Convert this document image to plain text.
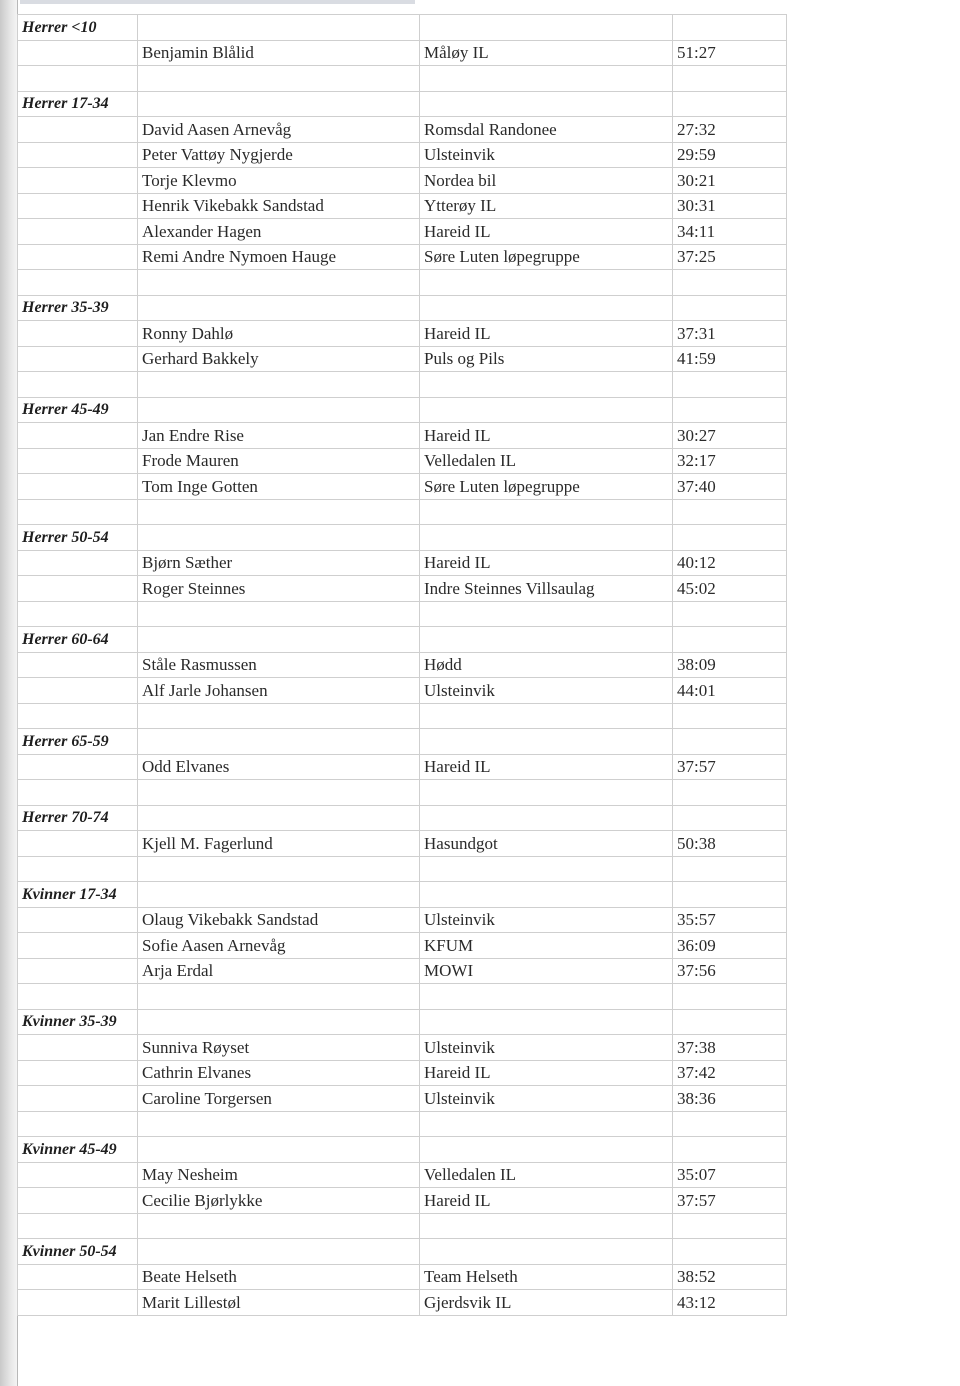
Herrer <10			
	Benjamin Blålid	Måløy IL	51:27

Herrer 17-34			
	David Aasen Arnevåg	Romsdal Randonee	27:32
	Peter Vattøy Nygjerde	Ulsteinvik	29:59
	Torje Klevmo	Nordea bil	30:21
	Henrik Vikebakk Sandstad	Ytterøy IL	30:31
	Alexander Hagen	Hareid IL	34:11
	Remi Andre Nymoen Hauge	Søre Luten løpegruppe	37:25

Herrer 35-39			
	Ronny Dahlø	Hareid IL	37:31
	Gerhard Bakkely	Puls og Pils	41:59

Herrer 45-49			
	Jan Endre Rise	Hareid IL	30:27
	Frode Mauren	Velledalen IL	32:17
	Tom Inge Gotten	Søre Luten løpegruppe	37:40

Herrer 50-54			
	Bjørn Sæther	Hareid IL	40:12
	Roger Steinnes	Indre Steinnes Villsaulag	45:02

Herrer 60-64			
	Ståle Rasmussen	Hødd	38:09
	Alf Jarle Johansen	Ulsteinvik	44:01

Herrer 65-59			
	Odd Elvanes	Hareid IL	37:57

Herrer 70-74			
	Kjell M. Fagerlund	Hasundgot	50:38

Kvinner 17-34			
	Olaug Vikebakk Sandstad	Ulsteinvik	35:57
	Sofie Aasen Arnevåg	KFUM	36:09
	Arja Erdal	MOWI	37:56

Kvinner 35-39			
	Sunniva Røyset	Ulsteinvik	37:38
	Cathrin Elvanes	Hareid IL	37:42
	Caroline Torgersen	Ulsteinvik	38:36

Kvinner 45-49			
	May Nesheim	Velledalen IL	35:07
	Cecilie Bjørlykke	Hareid IL	37:57

Kvinner 50-54			
	Beate Helseth	Team Helseth	38:52
	Marit Lillestøl	Gjerdsvik IL	43:12
